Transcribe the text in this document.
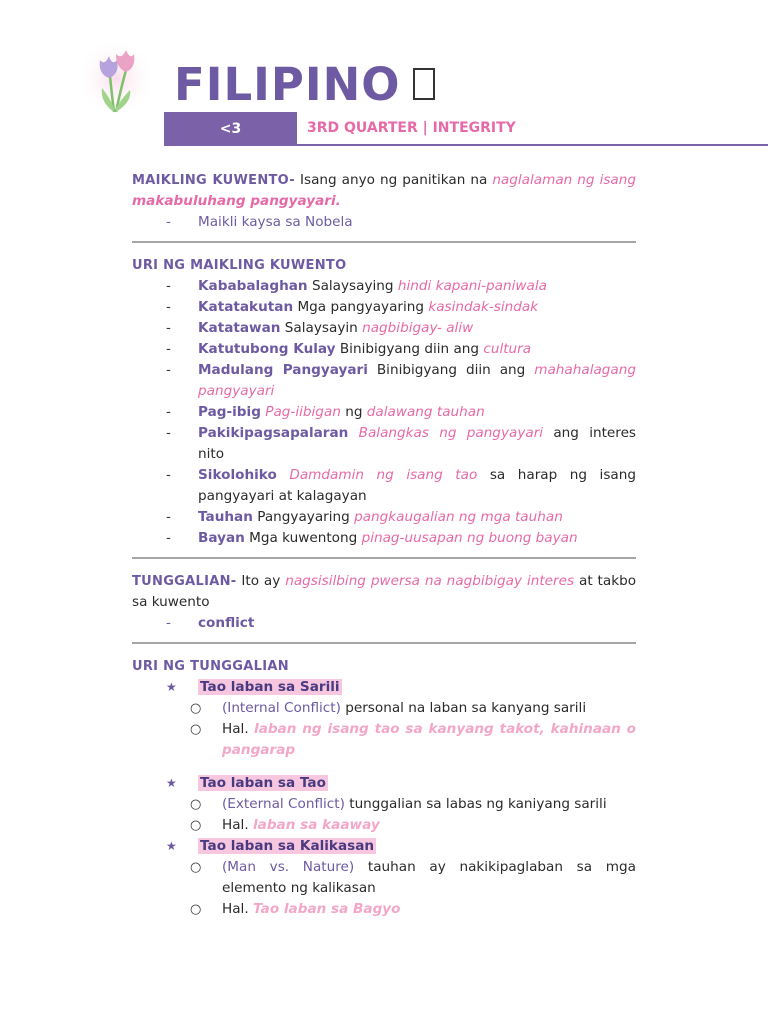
FILIPINO
<3	3RD QUARTER | INTEGRITY

MAIKLING KUWENTO- Isang anyo ng panitikan na naglalaman ng isang makabuluhang pangyayari.

- Maikli kaysa sa Nobela
URI NG MAIKLING KUWENTO
- Kababalaghan Salaysaying hindi kapani-paniwala
- Katatakutan Mga pangyayaring kasindak-sindak
- Katatawan Salaysayin nagbibigay- aliw
- Katutubong Kulay Binibigyang diin ang cultura
- Madulang Pangyayari Binibigyang diin ang mahahalagang pangyayari
- Pag-ibig Pag-iibigan ng dalawang tauhan
- Pakikipagsapalaran Balangkas ng pangyayari ang interes nito
- Sikolohiko Damdamin ng isang tao sa harap ng isang pangyayari at kalagayan
- Tauhan Pangyayaring pangkaugalian ng mga tauhan
- Bayan Mga kuwentong pinag-uusapan ng buong bayan

TUNGGALIAN- Ito ay nagsisilbing pwersa na nagbibigay interes at takbo sa kuwento

- conflict
URI NG TUNGGALIAN
★ Tao laban sa Sarili
○ (Internal Conflict) personal na laban sa kanyang sarili
○ Hal. laban ng isang tao sa kanyang takot, kahinaan o pangarap
★ Tao laban sa Tao
○ (External Conflict) tunggalian sa labas ng kaniyang sarili
○ Hal. laban sa kaaway
★ Tao laban sa Kalikasan
○ (Man vs. Nature) tauhan ay nakikipaglaban sa mga elemento ng kalikasan
○ Hal. Tao laban sa Bagyo
